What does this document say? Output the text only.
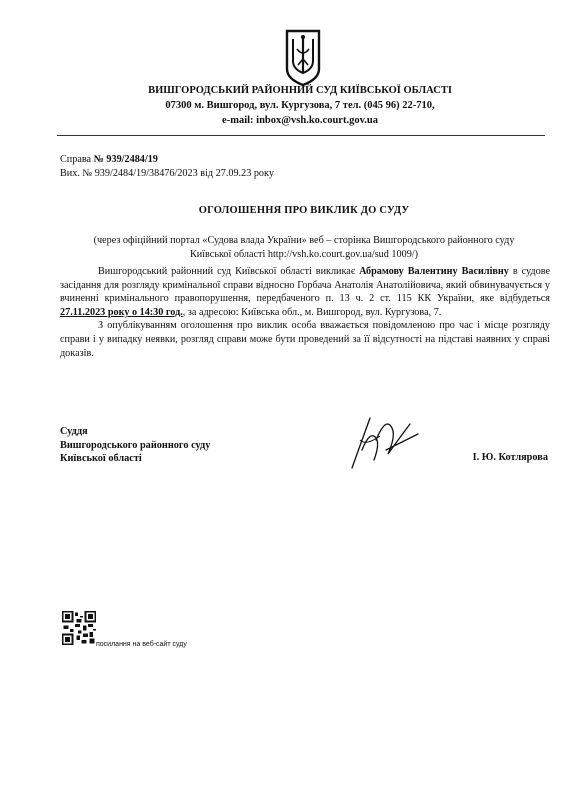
ВИШГОРОДСЬКИЙ РАЙОННИЙ СУД КИЇВСЬКОЇ ОБЛАСТІ
07300 м. Вишгород, вул. Кургузова, 7 тел. (045 96) 22-710,
e-mail: inbox@vsh.ko.court.gov.ua
Справа № 939/2484/19
Вих. № 939/2484/19/38476/2023 від 27.09.23 року
ОГОЛОШЕННЯ ПРО ВИКЛИК ДО СУДУ
(через офіційний портал «Судова влада України» веб – сторінка Вишгородського районного суду
Київської області http://vsh.ko.court.gov.ua/sud 1009/)

Вишгородський районний суд Київської області викликає Абрамову Валентину Василівну в судове засідання для розгляду кримінальної справи відносно Горбача Анатолія Анатолійовича, який обвинувачується у вчиненні кримінального правопорушення, передбаченого п. 13 ч. 2 ст. 115 КК України, яке відбудеться 27.11.2023 року о 14:30 год., за адресою: Київська обл., м. Вишгород, вул. Кургузова, 7.

З опублікуванням оголошення про виклик особа вважається повідомленою про час і місце розгляду справи і у випадку неявки, розгляд справи може бути проведений за її відсутності на підставі наявних у справі доказів.

Суддя
Вишгородського районного суду
Київської області	І. Ю. Котлярова
посилання на веб-сайт суду
